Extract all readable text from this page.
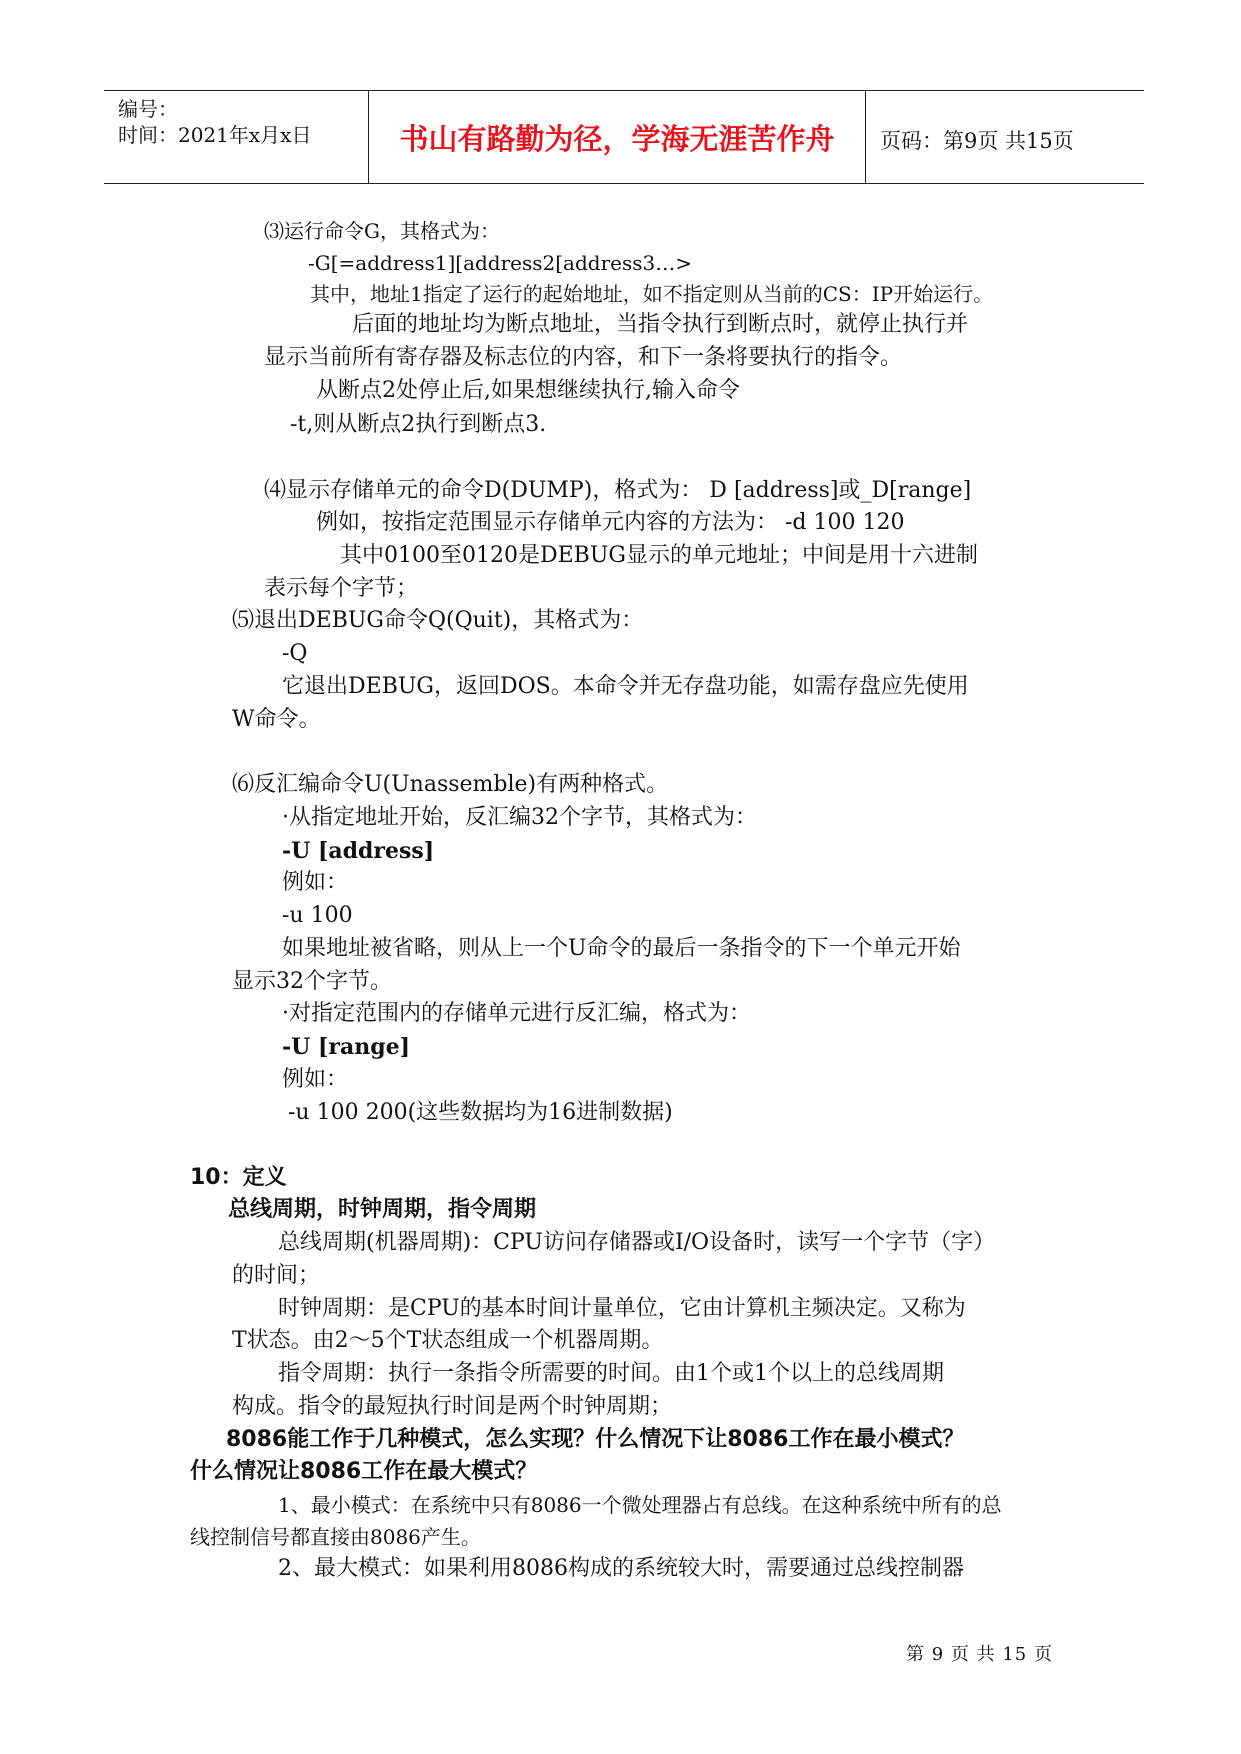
编号：
时间：2021年x月x日	书山有路勤为径，学海无涯苦作舟	页码：第9页 共15页
⑶运行命令G，其格式为：
-G[=address1][address2[address3…>
其中，地址1指定了运行的起始地址，如不指定则从当前的CS：IP开始运行。
后面的地址均为断点地址，当指令执行到断点时，就停止执行并
显示当前所有寄存器及标志位的内容，和下一条将要执行的指令。
从断点2处停止后,如果想继续执行,输入命令
-t,则从断点2执行到断点3.
⑷显示存储单元的命令D(DUMP)，格式为： D [address]或_D[range]
例如，按指定范围显示存储单元内容的方法为： -d 100 120
其中0100至0120是DEBUG显示的单元地址；中间是用十六进制
表示每个字节；
⑸退出DEBUG命令Q(Quit)，其格式为：
-Q
它退出DEBUG，返回DOS。本命令并无存盘功能，如需存盘应先使用
W命令。
⑹反汇编命令U(Unassemble)有两种格式。
·从指定地址开始，反汇编32个字节，其格式为：
-U [address]
例如：
-u 100
如果地址被省略，则从上一个U命令的最后一条指令的下一个单元开始
显示32个字节。
·对指定范围内的存储单元进行反汇编，格式为：
-U [range]
例如：
-u 100 200(这些数据均为16进制数据)
10：定义
总线周期，时钟周期，指令周期
总线周期(机器周期)：CPU访问存储器或I/O设备时，读写一个字节（字）
的时间；
时钟周期：是CPU的基本时间计量单位，它由计算机主频决定。又称为
T状态。由2～5个T状态组成一个机器周期。
指令周期：执行一条指令所需要的时间。由1个或1个以上的总线周期
构成。指令的最短执行时间是两个时钟周期；
8086能工作于几种模式，怎么实现？什么情况下让8086工作在最小模式？
什么情况让8086工作在最大模式？
1、最小模式：在系统中只有8086一个微处理器占有总线。在这种系统中所有的总
线控制信号都直接由8086产生。
2、最大模式：如果利用8086构成的系统较大时，需要通过总线控制器
第 9 页 共 15 页
